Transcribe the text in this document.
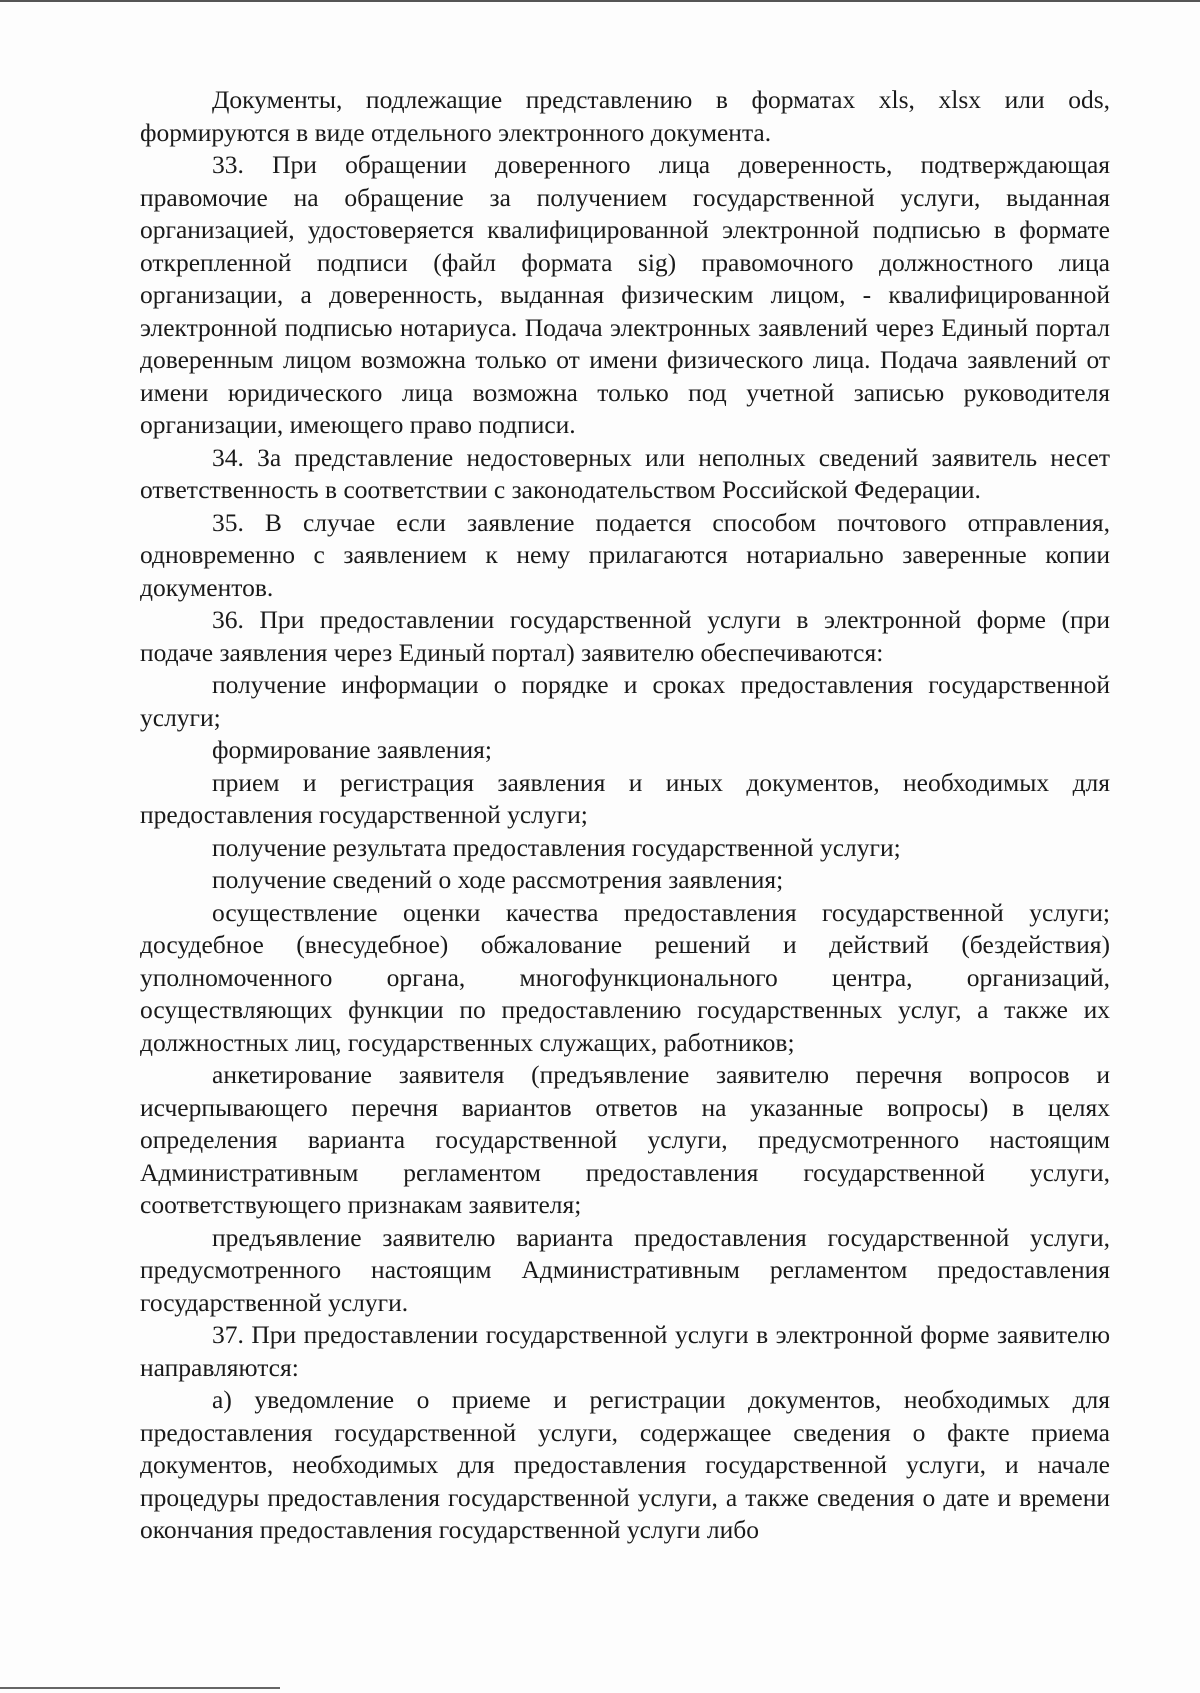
Документы, подлежащие представлению в форматах xls, xlsx или ods, формируются в виде отдельного электронного документа.

33. При обращении доверенного лица доверенность, подтверждающая правомочие на обращение за получением государственной услуги, выданная организацией, удостоверяется квалифицированной электронной подписью в формате открепленной подписи (файл формата sig) правомочного должностного лица организации, а доверенность, выданная физическим лицом, - квалифицированной электронной подписью нотариуса. Подача электронных заявлений через Единый портал доверенным лицом возможна только от имени физического лица. Подача заявлений от имени юридического лица возможна только под учетной записью руководителя организации, имеющего право подписи.

34. За представление недостоверных или неполных сведений заявитель несет ответственность в соответствии с законодательством Российской Федерации.

35. В случае если заявление подается способом почтового отправления, одновременно с заявлением к нему прилагаются нотариально заверенные копии документов.

36. При предоставлении государственной услуги в электронной форме (при подаче заявления через Единый портал) заявителю обеспечиваются:

получение информации о порядке и сроках предоставления государственной услуги;

формирование заявления;

прием и регистрация заявления и иных документов, необходимых для предоставления государственной услуги;

получение результата предоставления государственной услуги;

получение сведений о ходе рассмотрения заявления;

осуществление оценки качества предоставления государственной услуги; досудебное (внесудебное) обжалование решений и действий (бездействия) уполномоченного органа, многофункционального центра, организаций, осуществляющих функции по предоставлению государственных услуг, а также их должностных лиц, государственных служащих, работников;

анкетирование заявителя (предъявление заявителю перечня вопросов и исчерпывающего перечня вариантов ответов на указанные вопросы) в целях определения варианта государственной услуги, предусмотренного настоящим Административным регламентом предоставления государственной услуги, соответствующего признакам заявителя;

предъявление заявителю варианта предоставления государственной услуги, предусмотренного настоящим Административным регламентом предоставления государственной услуги.

37. При предоставлении государственной услуги в электронной форме заявителю направляются:

а) уведомление о приеме и регистрации документов, необходимых для предоставления государственной услуги, содержащее сведения о факте приема документов, необходимых для предоставления государственной услуги, и начале процедуры предоставления государственной услуги, а также сведения о дате и времени окончания предоставления государственной услуги либо
